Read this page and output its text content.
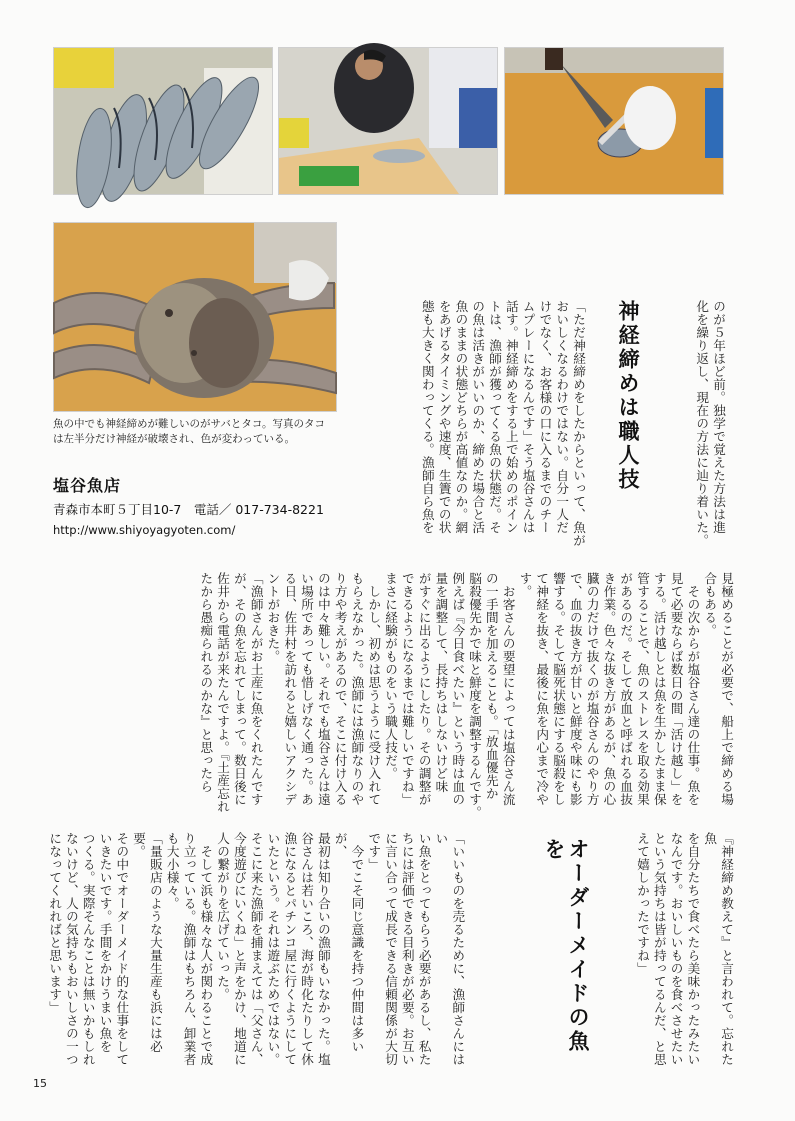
魚の中でも神経締めが難しいのがサバとタコ。写真のタコは左半分だけ神経が破壊され、色が変わっている。
塩谷魚店
青森市本町５丁目10-7　電話／ 017-734-8221
http://www.shiyoyagyoten.com/	のが５年ほど前。独学で覚えた方法は進
化を繰り返し、現在の方法に辿り着いた。
神経締めは職人技
「ただ神経締めをしたからといって、魚が
おいしくなるわけではない。自分一人だ
けでなく、お客様の口に入るまでのチー
ムプレーになるんです」そう塩谷さんは
話す。神経締めをする上で始めのポイン
トは、漁師が獲ってくる魚の状態だ。そ
の魚は活きがいいのか、締めた場合と活
魚のままの状態どちらが高値なのか。網
をあげるタイミングや速度、生簀での状
態も大きく関わってくる。漁師自ら魚を
見極めることが必要で、船上で締める場
合もある。
　その次からが塩谷さん達の仕事。魚を
見て必要ならば数日の間「活け越し」を
する。活け越しとは魚を生かしたまま保
管することで、魚のストレスを取る効果
があるのだ。そして放血と呼ばれる血抜
き作業。色々な抜き方があるが、魚の心
臓の力だけで抜くのが塩谷さんのやり方
で、血の抜き方が甘いと鮮度や味にも影
響する。そして脳死状態にする脳殺をし
て神経を抜き、最後に魚を内心まで冷や
す。
　お客さんの要望によっては塩谷さん流
の一手間を加えることも。「放血優先か
脳殺優先かで味と鮮度を調整するんです。
例えば『今日食べたい』という時は血の
量を調整して、長持ちはしないけど味
がすぐに出るようにしたり。その調整が
できるようになるまでは難しいですね」
まさに経験がものをいう職人技だ。
　しかし、初めは思うように受け入れて
もらえなかった。漁師には漁師なりのや
り方や考えがあるので、そこに付け入る
のは中々難しい。それでも塩谷さんは遠
い場所であっても惜しげなく通った。あ
る日、佐井村を訪れると嬉しいアクシデ
ントがおきた。
「漁師さんがお土産に魚をくれたんです
が、その魚を忘れてしまって。数日後に
佐井から電話が来たんですよ。『土産忘れ
たから愚痴られるのかな』と思ったら
『神経締め教えて』と言われて。忘れた魚
を自分たちで食べたら美味かったみたい
なんです。おいしいものを食べさせたい
という気持ちは皆が持ってるんだ、と思
えて嬉しかったですね」

「いいものを売るために、漁師さんにはい
い魚をとってもらう必要があるし、私た
ちには評価できる目利きが必要。お互い
に言い合って成長できる信頼関係が大切
です」
　今でこそ同じ意識を持つ仲間は多いが、
最初は知り合いの漁師もいなかった。塩
谷さんは若いころ、海が時化たりして休
漁になるとパチンコ屋に行くようにして
いたという。それは遊ぶためではない。
そこに来た漁師を捕まえては「父さん、
今度遊びにいくね」と声をかけ、地道に
人の繋がりを広げていった。
　そして浜も様々な人が関わることで成
り立っている。漁師はもちろん、卸業者
も大小様々。
「量販店のような大量生産も浜には必要。
その中でオーダーメイド的な仕事をして
いきたいです。手間をかけうまい魚を
つくる。実際そんなことは無いかもしれ
ないけど、人の気持ちもおいしさの一つ
になってくれればと思います」	オーダーメイドの魚を
15
